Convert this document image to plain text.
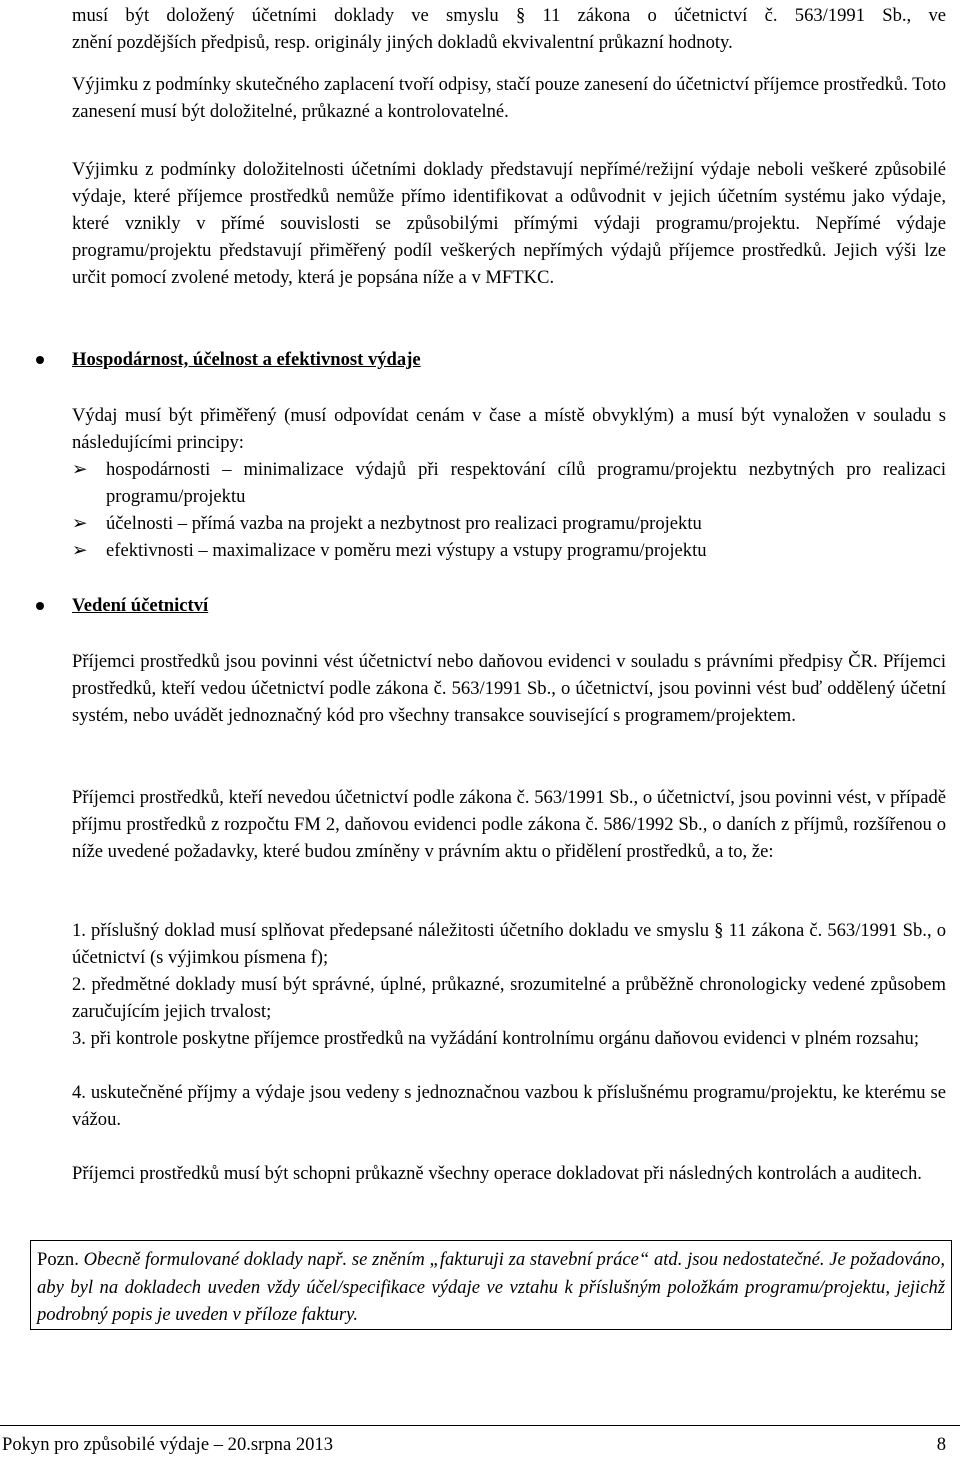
musí být doložený účetními doklady ve smyslu § 11 zákona o účetnictví č. 563/1991 Sb., ve

znění pozdějších předpisů, resp. originály jiných dokladů ekvivalentní průkazní hodnoty.

Výjimku z podmínky skutečného zaplacení tvoří odpisy, stačí pouze zanesení do účetnictví příjemce prostředků. Toto zanesení musí být doložitelné, průkazné a kontrolovatelné.

Výjimku z podmínky doložitelnosti účetními doklady představují nepřímé/režijní výdaje neboli veškeré způsobilé výdaje, které příjemce prostředků nemůže přímo identifikovat a odůvodnit v jejich účetním systému jako výdaje, které vznikly v přímé souvislosti se způsobilými přímými výdaji programu/projektu. Nepřímé výdaje programu/projektu představují přiměřený podíl veškerých nepřímých výdajů příjemce prostředků. Jejich výši lze určit pomocí zvolené metody, která je popsána níže a v MFTKC.

Hospodárnost, účelnost a efektivnost výdaje

Výdaj musí být přiměřený (musí odpovídat cenám v čase a místě obvyklým) a musí být vynaložen v souladu s následujícími principy:

➢ hospodárnosti – minimalizace výdajů při respektování cílů programu/projektu nezbytných pro realizaci programu/projektu
➢ účelnosti – přímá vazba na projekt a nezbytnost pro realizaci programu/projektu
➢ efektivnosti – maximalizace v poměru mezi výstupy a vstupy programu/projektu

Vedení účetnictví

Příjemci prostředků jsou povinni vést účetnictví nebo daňovou evidenci v souladu s právními předpisy ČR. Příjemci prostředků, kteří vedou účetnictví podle zákona č. 563/1991 Sb., o účetnictví, jsou povinni vést buď oddělený účetní systém, nebo uvádět jednoznačný kód pro všechny transakce související s programem/projektem.

Příjemci prostředků, kteří nevedou účetnictví podle zákona č. 563/1991 Sb., o účetnictví, jsou povinni vést, v případě příjmu prostředků z rozpočtu FM 2, daňovou evidenci podle zákona č. 586/1992 Sb., o daních z příjmů, rozšířenou o níže uvedené požadavky, které budou zmíněny v právním aktu o přidělení prostředků, a to, že:

1. příslušný doklad musí splňovat předepsané náležitosti účetního dokladu ve smyslu § 11 zákona č. 563/1991 Sb., o účetnictví (s výjimkou písmena f);

2. předmětné doklady musí být správné, úplné, průkazné, srozumitelné a průběžně chronologicky vedené způsobem zaručujícím jejich trvalost;

3. při kontrole poskytne příjemce prostředků na vyžádání kontrolnímu orgánu daňovou evidenci v plném rozsahu;

4. uskutečněné příjmy a výdaje jsou vedeny s jednoznačnou vazbou k příslušnému programu/projektu, ke kterému se vážou.

Příjemci prostředků musí být schopni průkazně všechny operace dokladovat při následných kontrolách a auditech.

Pozn. Obecně formulované doklady např. se zněním „fakturuji za stavební práce“ atd. jsou nedostatečné. Je požadováno, aby byl na dokladech uveden vždy účel/specifikace výdaje ve vztahu k příslušným položkám programu/projektu, jejichž podrobný popis je uveden v příloze faktury.

Pokyn pro způsobilé výdaje – 20.srpna 2013	8
